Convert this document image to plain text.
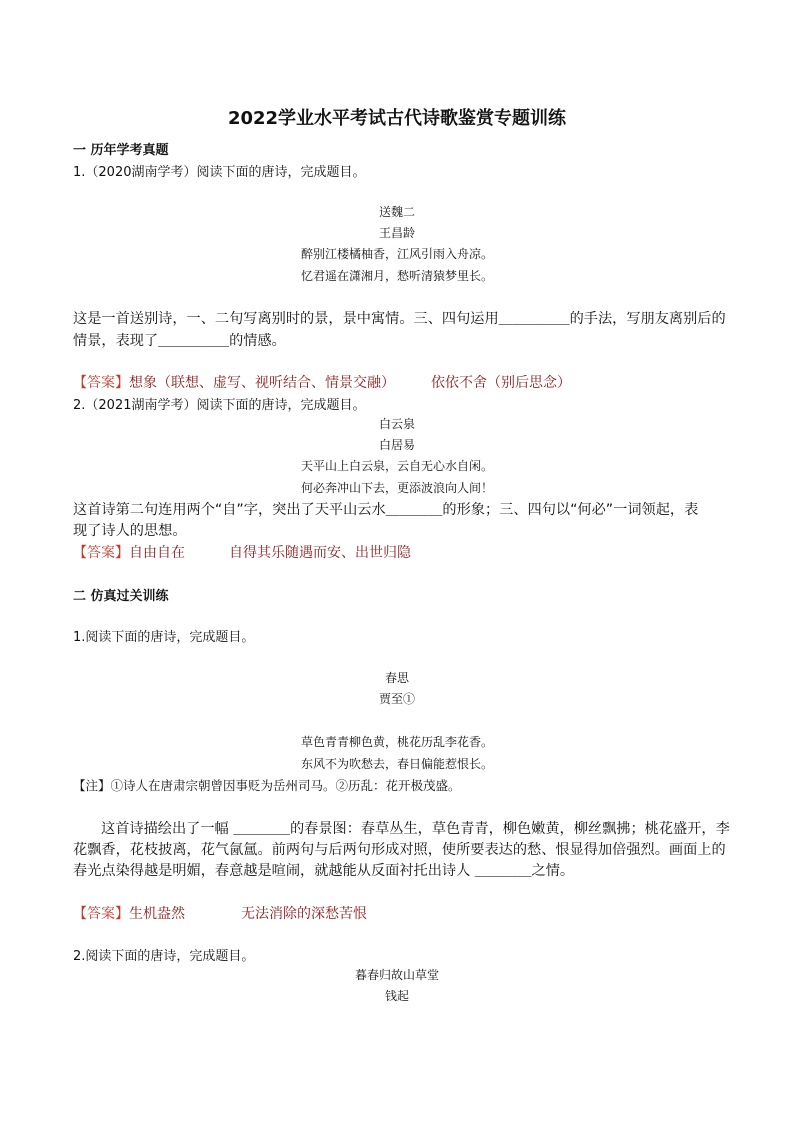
2022学业水平考试古代诗歌鉴赏专题训练
一 历年学考真题
1.（2020湖南学考）阅读下面的唐诗，完成题目。
送魏二
王昌龄
醉别江楼橘柚香，江风引雨入舟凉。
忆君遥在潇湘月，愁听清猿梦里长。
这是一首送别诗，一、二句写离别时的景，景中寓情。三、四句运用＿＿＿＿＿的手法，写朋友离别后的
情景，表现了＿＿＿＿＿的情感。
【答案】想象（联想、虚写、视听结合、情景交融）	依依不舍（别后思念）
2.（2021湖南学考）阅读下面的唐诗，完成题目。
白云泉
白居易
天平山上白云泉，云自无心水自闲。
何必奔冲山下去，更添波浪向人间！
这首诗第二句连用两个“自”字，突出了天平山云水＿＿＿＿的形象；三、四句以“何必”一词领起，表
现了诗人的思想。
【答案】自由自在	自得其乐随遇而安、出世归隐
二 仿真过关训练
1.阅读下面的唐诗，完成题目。
春思
贾至①
草色青青柳色黄，桃花历乱李花香。
东风不为吹愁去，春日偏能惹恨长。
【注】①诗人在唐肃宗朝曾因事贬为岳州司马。②历乱：花开极茂盛。
这首诗描绘出了一幅 ＿＿＿＿的春景图：春草丛生，草色青青，柳色嫩黄，柳丝飘拂；桃花盛开，李
花飘香，花枝披离，花气氤氲。前两句与后两句形成对照，使所要表达的愁、恨显得加倍强烈。画面上的
春光点染得越是明媚，春意越是喧闹，就越能从反面衬托出诗人 ＿＿＿＿之情。
【答案】生机盎然	无法消除的深愁苦恨
2.阅读下面的唐诗，完成题目。
暮春归故山草堂
钱起
